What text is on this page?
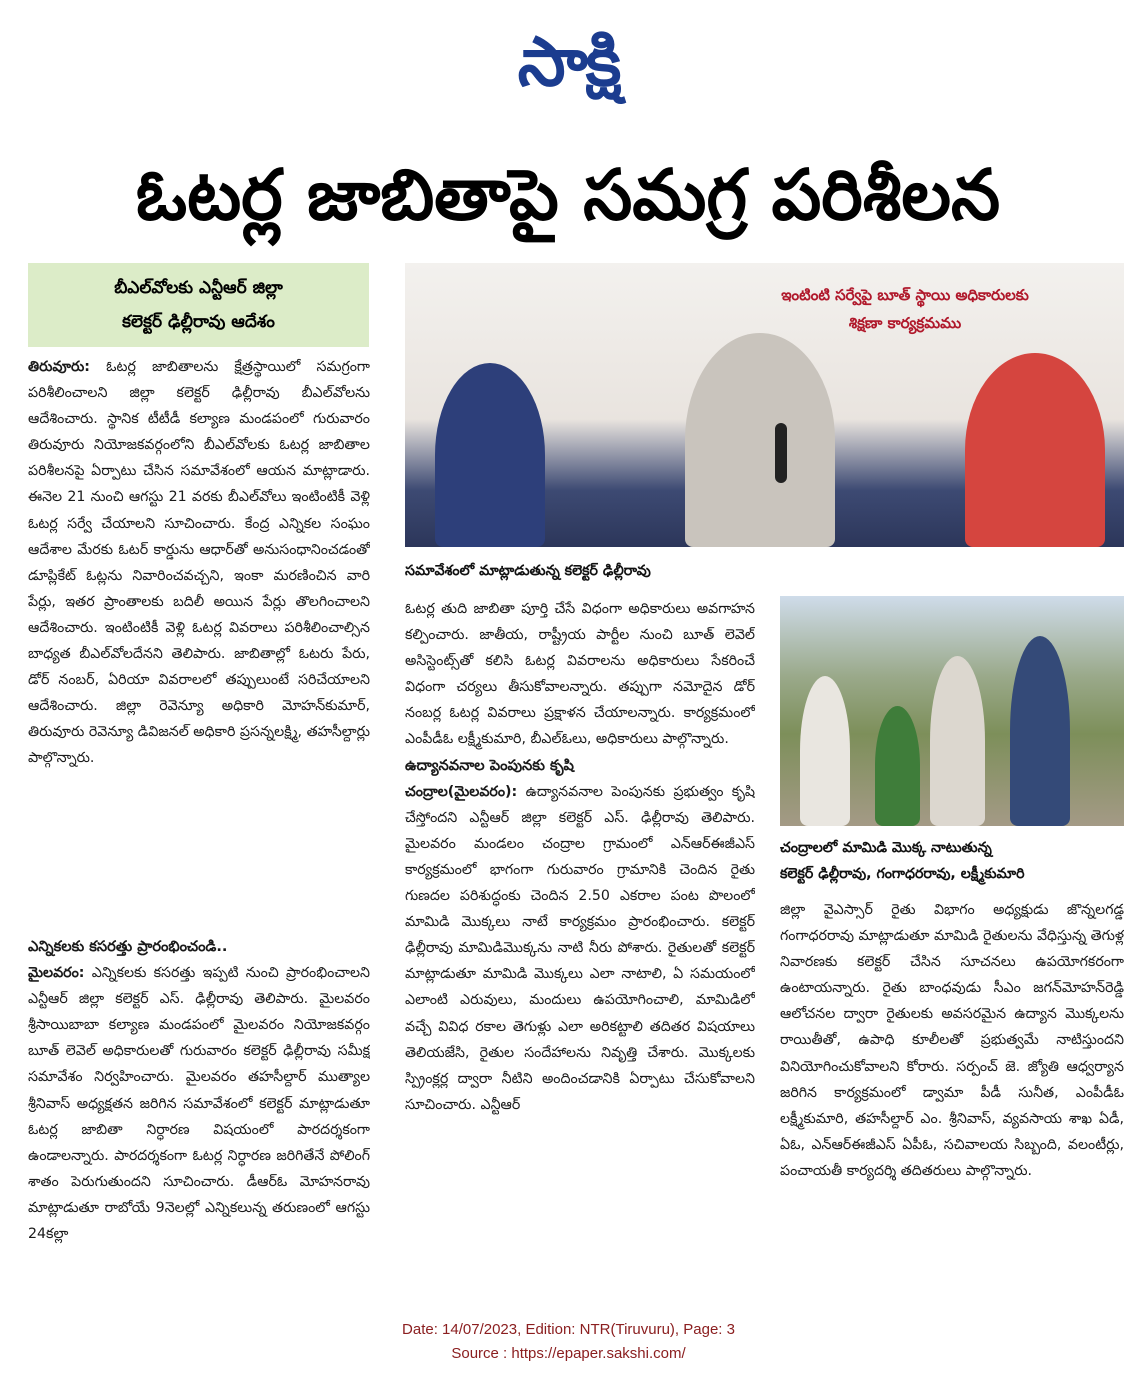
సాక్షి
ఓటర్ల జాబితాపై సమగ్ర పరిశీలన
బీఎల్‌వోలకు ఎన్టీఆర్‌ జిల్లా
కలెక్టర్‌ ఢిల్లీరావు ఆదేశం
తిరువూరు: ఓటర్ల జాబితాలను క్షేత్రస్థాయిలో సమగ్రంగా పరిశీలించాలని జిల్లా కలెక్టర్‌ ఢిల్లీరావు బీఎల్‌వోలను ఆదేశించారు. స్థానిక టీటీడీ కల్యాణ మండపంలో గురువారం తిరువూరు నియోజకవర్గంలోని బీఎల్‌వోలకు ఓటర్ల జాబితాల పరిశీలనపై ఏర్పాటు చేసిన సమావేశంలో ఆయన మాట్లాడారు. ఈనెల 21 నుంచి ఆగస్టు 21 వరకు బీఎల్‌వోలు ఇంటింటికీ వెళ్లి ఓటర్ల సర్వే చేయాలని సూచించారు. కేంద్ర ఎన్నికల సంఘం ఆదేశాల మేరకు ఓటర్‌ కార్డును ఆధార్‌తో అనుసంధానించడంతో డూప్లికేట్‌ ఓట్లను నివారించవచ్చని, ఇంకా మరణించిన వారి పేర్లు, ఇతర ప్రాంతాలకు బదిలీ అయిన పేర్లు తొలగించాలని ఆదేశించారు. ఇంటింటికీ వెళ్లి ఓటర్ల వివరాలు పరిశీలించాల్సిన బాధ్యత బీఎల్‌వోలదేనని తెలిపారు. జాబితాల్లో ఓటరు పేరు, డోర్‌ నంబర్‌, ఏరియా వివరాలలో తప్పులుంటే సరిచేయాలని ఆదేశించారు. జిల్లా రెవెన్యూ అధికారి మోహన్‌కుమార్‌, తిరువూరు రెవెన్యూ డివిజనల్‌ అధికారి ప్రసన్నలక్ష్మి, తహసీల్దార్లు పాల్గొన్నారు.
ఎన్నికలకు కసరత్తు ప్రారంభించండి..
మైలవరం: ఎన్నికలకు కసరత్తు ఇప్పటి నుంచి ప్రారంభించాలని ఎన్టీఆర్‌ జిల్లా కలెక్టర్‌ ఎస్‌. ఢిల్లీరావు తెలిపారు. మైలవరం శ్రీసాయిబాబా కల్యాణ మండపంలో మైలవరం నియోజకవర్గం బూత్‌ లెవెల్‌ అధికారులతో గురువారం కలెక్టర్‌ ఢిల్లీరావు సమీక్ష సమావేశం నిర్వహించారు. మైలవరం తహసీల్దార్‌ ముత్యాల శ్రీనివాస్‌ అధ్యక్షతన జరిగిన సమావేశంలో కలెక్టర్‌ మాట్లాడుతూ ఓటర్ల జాబితా నిర్ధారణ విషయంలో పారదర్శకంగా ఉండాలన్నారు. పారదర్శకంగా ఓటర్ల నిర్ధారణ జరిగితేనే పోలింగ్‌ శాతం పెరుగుతుందని సూచించారు. డీఆర్‌ఓ మోహనరావు మాట్లాడుతూ రాబోయే 9నెలల్లో ఎన్నికలున్న తరుణంలో ఆగస్టు 24కల్లా
ఇంటింటి సర్వేపై బూత్‌ స్థాయి అధికారులకు
శిక్షణా కార్యక్రమము
సమావేశంలో మాట్లాడుతున్న కలెక్టర్‌ ఢిల్లీరావు
ఓటర్ల తుది జాబితా పూర్తి చేసే విధంగా అధికారులు అవగాహన కల్పించారు. జాతీయ, రాష్ట్రీయ పార్టీల నుంచి బూత్‌ లెవెల్‌ అసిస్టెంట్స్‌తో కలిసి ఓటర్ల వివరాలను అధికారులు సేకరించే విధంగా చర్యలు తీసుకోవాలన్నారు. తప్పుగా నమోదైన డోర్‌ నంబర్ల ఓటర్ల వివరాలు ప్రక్షాళన చేయాలన్నారు. కార్యక్రమంలో ఎంపీడీఓ లక్ష్మీకుమారి, బీఎల్‌ఓలు, అధికారులు పాల్గొన్నారు.
ఉద్యానవనాల పెంపునకు కృషి
చంద్రాల(మైలవరం): ఉద్యానవనాల పెంపునకు ప్రభుత్వం కృషి చేస్తోందని ఎన్టీఆర్‌ జిల్లా కలెక్టర్‌ ఎస్‌. ఢిల్లీరావు తెలిపారు. మైలవరం మండలం చంద్రాల గ్రామంలో ఎన్‌ఆర్‌ఈజీఎస్‌ కార్యక్రమంలో భాగంగా గురువారం గ్రామానికి చెందిన రైతు గుణదల పరిశుద్ధంకు చెందిన 2.50 ఎకరాల పంట పొలంలో మామిడి మొక్కలు నాటే కార్యక్రమం ప్రారంభించారు. కలెక్టర్‌ ఢిల్లీరావు మామిడిమొక్కను నాటి నీరు పోశారు. రైతులతో కలెక్టర్‌ మాట్లాడుతూ మామిడి మొక్కలు ఎలా నాటాలి, ఏ సమయంలో ఎలాంటి ఎరువులు, మందులు ఉపయోగించాలి, మామిడిలో వచ్చే వివిధ రకాల తెగుళ్లు ఎలా అరికట్టాలి తదితర విషయాలు తెలియజేసి, రైతుల సందేహాలను నివృత్తి చేశారు. మొక్కలకు స్ప్రింక్లర్ల ద్వారా నీటిని అందించడానికి ఏర్పాటు చేసుకోవాలని సూచించారు. ఎన్టీఆర్‌
చంద్రాలలో మామిడి మొక్క నాటుతున్న
కలెక్టర్‌ ఢిల్లీరావు, గంగాధరరావు, లక్ష్మీకుమారి
జిల్లా వైఎస్సార్‌ రైతు విభాగం అధ్యక్షుడు జొన్నలగడ్డ గంగాధరరావు మాట్లాడుతూ మామిడి రైతులను వేధిస్తున్న తెగుళ్ల నివారణకు కలెక్టర్‌ చేసిన సూచనలు ఉపయోగకరంగా ఉంటాయన్నారు. రైతు బాంధవుడు సీఎం జగన్‌మోహన్‌రెడ్డి ఆలోచనల ద్వారా రైతులకు అవసరమైన ఉద్యాన మొక్కలను రాయితీతో, ఉపాధి కూలీలతో ప్రభుత్వమే నాటిస్తుందని వినియోగించుకోవాలని కోరారు. సర్పంచ్‌ జె. జ్యోతి ఆధ్వర్యాన జరిగిన కార్యక్రమంలో డ్వామా పీడీ సునీత, ఎంపీడీఓ లక్ష్మీకుమారి, తహసీల్దార్‌ ఎం. శ్రీనివాస్‌, వ్యవసాయ శాఖ ఏడీ, ఏఓ, ఎన్‌ఆర్‌ఈజీఎస్‌ ఏపీఓ, సచివాలయ సిబ్బంది, వలంటీర్లు, పంచాయతీ కార్యదర్శి తదితరులు పాల్గొన్నారు.
Date: 14/07/2023, Edition: NTR(Tiruvuru), Page: 3
Source : https://epaper.sakshi.com/
